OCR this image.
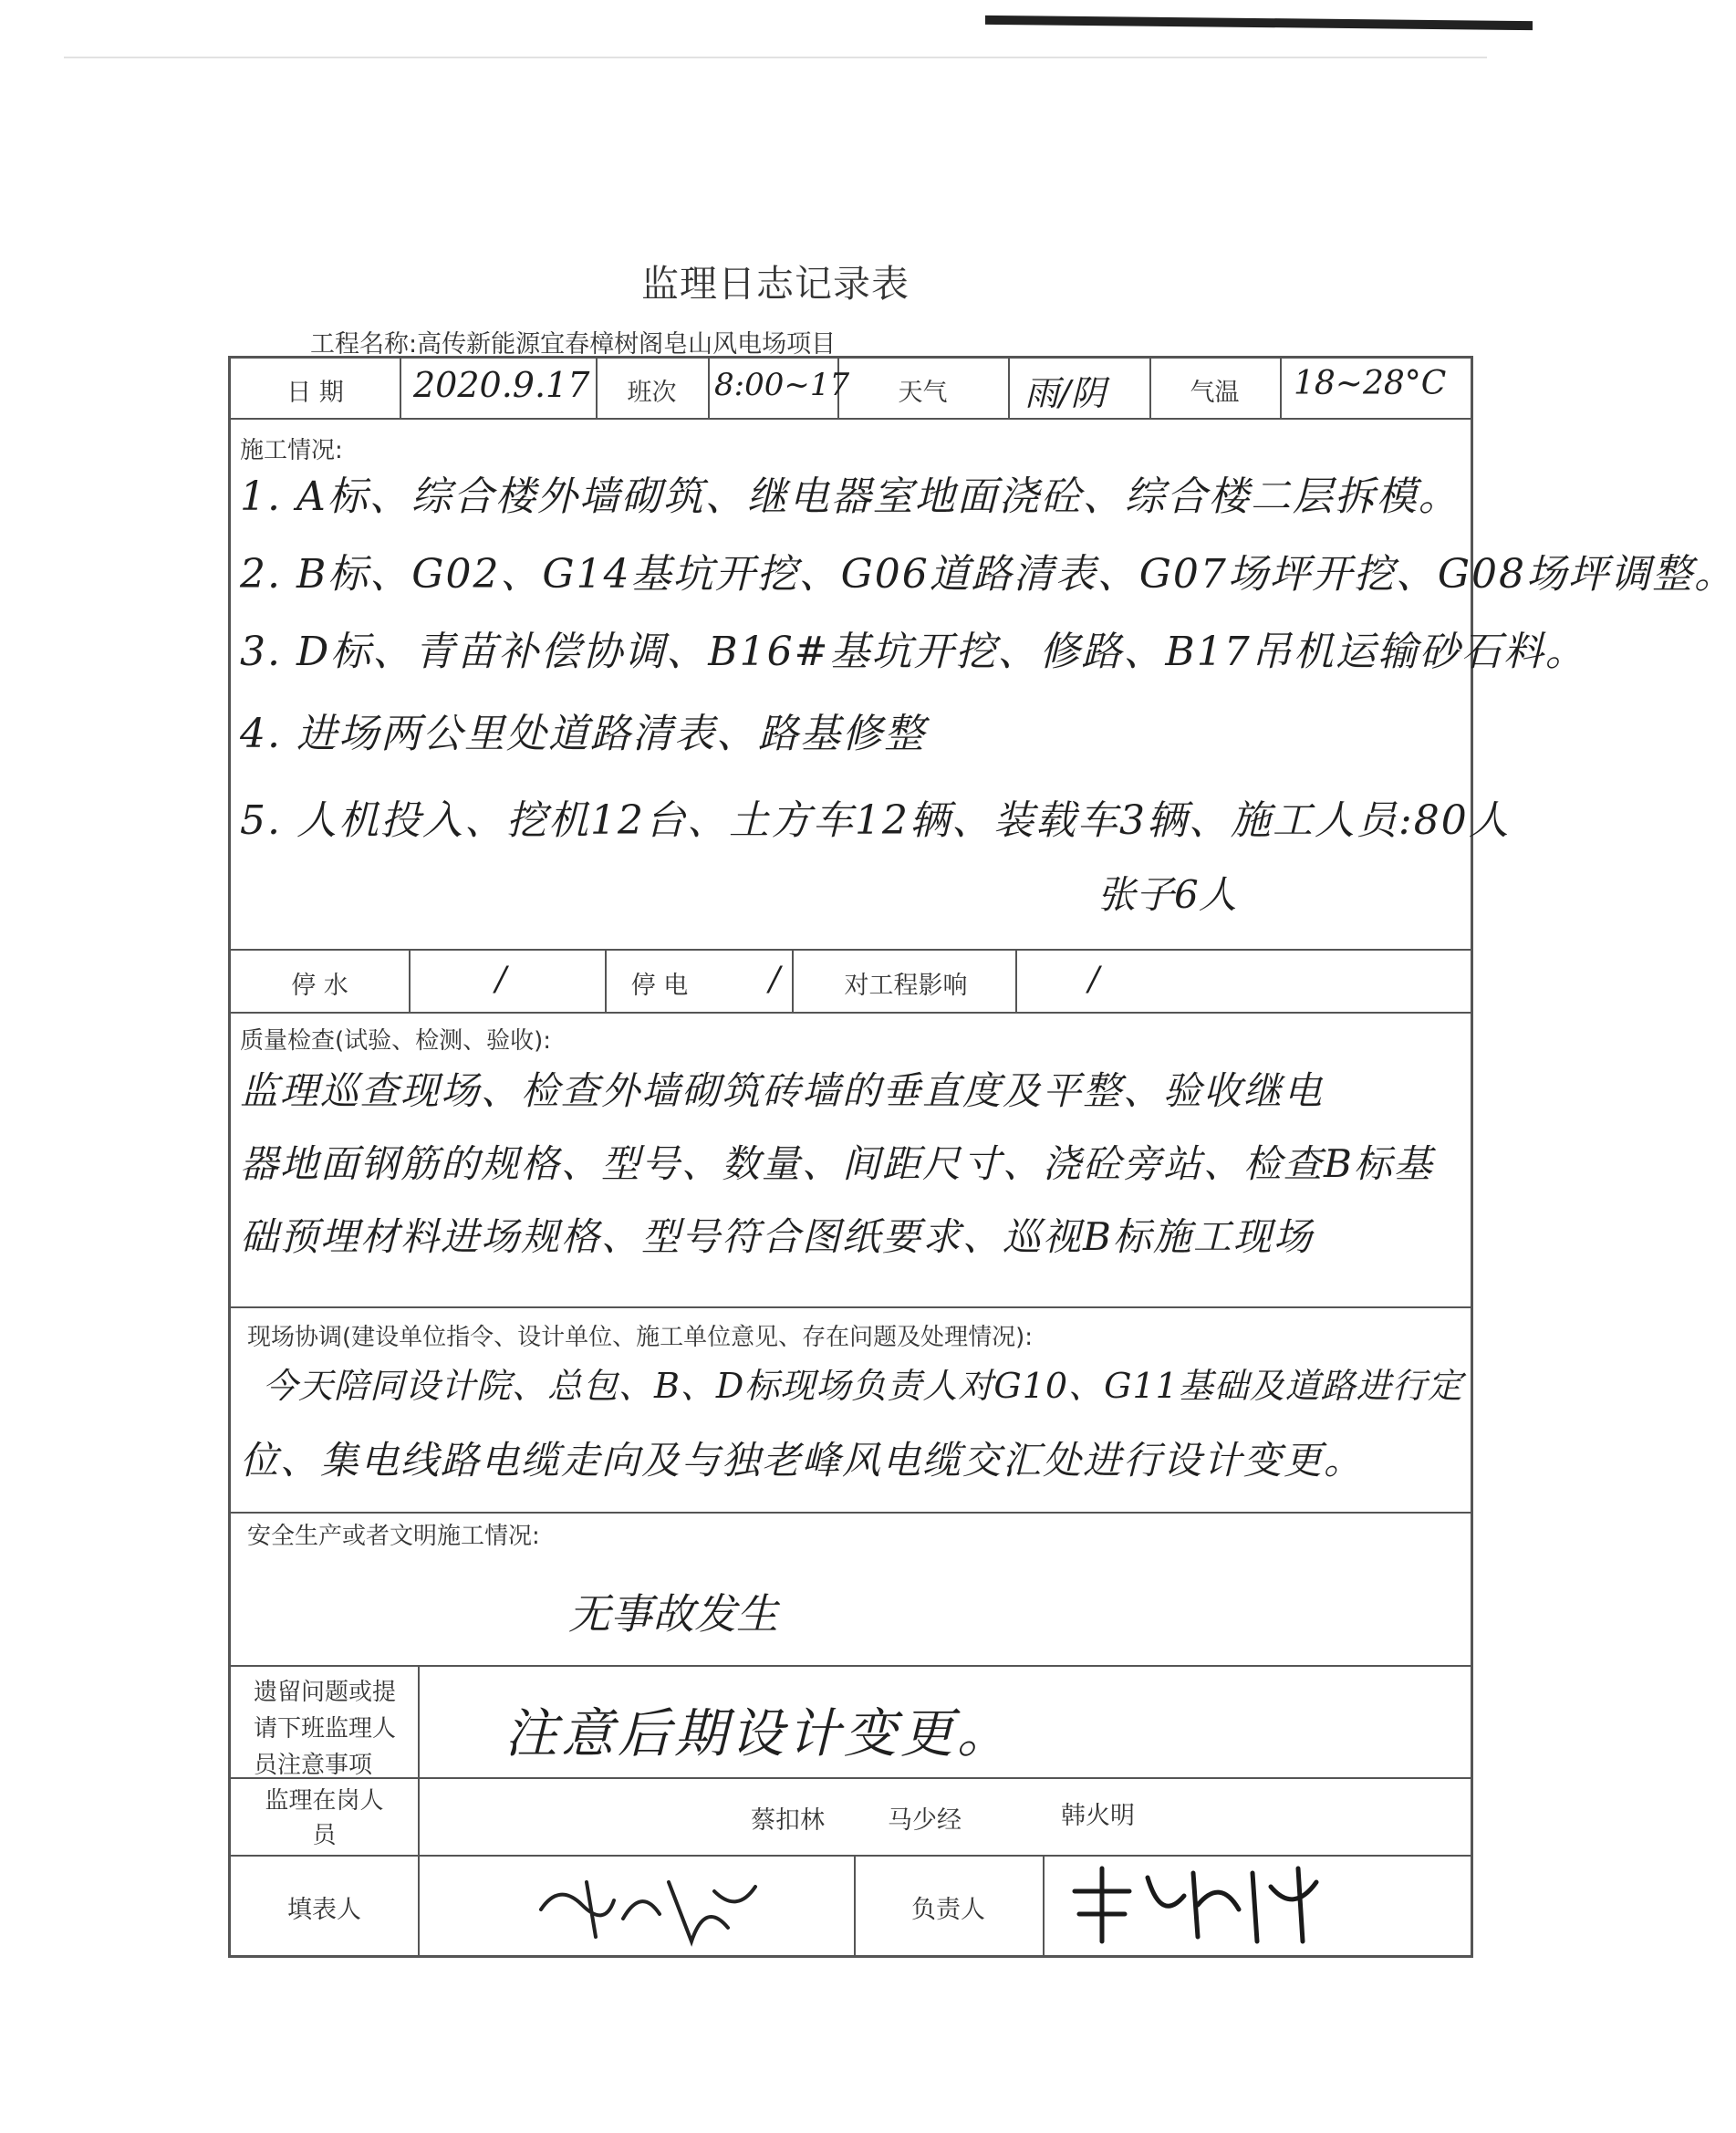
监理日志记录表
工程名称:高传新能源宜春樟树阁皂山风电场项目
日 期	2020.9.17	班次	8:00~17	天气	雨/阴	气温	18~28°C
施工情况:
1. A标、综合楼外墙砌筑、继电器室地面浇砼、综合楼二层拆模。
2. B标、G02、G14基坑开挖、G06道路清表、G07场坪开挖、G08场坪调整。
3. D标、青苗补偿协调、B16#基坑开挖、修路、B17吊机运输砂石料。
4. 进场两公里处道路清表、路基修整
5. 人机投入、挖机12台、土方车12辆、装载车3辆、施工人员:80人
张子6人
停 水	/	停 电	/	对工程影响	/
质量检查(试验、检测、验收):
监理巡查现场、检查外墙砌筑砖墙的垂直度及平整、验收继电
器地面钢筋的规格、型号、数量、间距尺寸、浇砼旁站、检查B标基
础预埋材料进场规格、型号符合图纸要求、巡视B标施工现场
现场协调(建设单位指令、设计单位、施工单位意见、存在问题及处理情况):
今天陪同设计院、总包、B、D标现场负责人对G10、G11基础及道路进行定
位、集电线路电缆走向及与独老峰风电缆交汇处进行设计变更。
安全生产或者文明施工情况:
无事故发生
遗留问题或提
请下班监理人
员注意事项
注意后期设计变更。
监理在岗人
员
蔡扣林	马少经	韩火明
填表人	负责人
